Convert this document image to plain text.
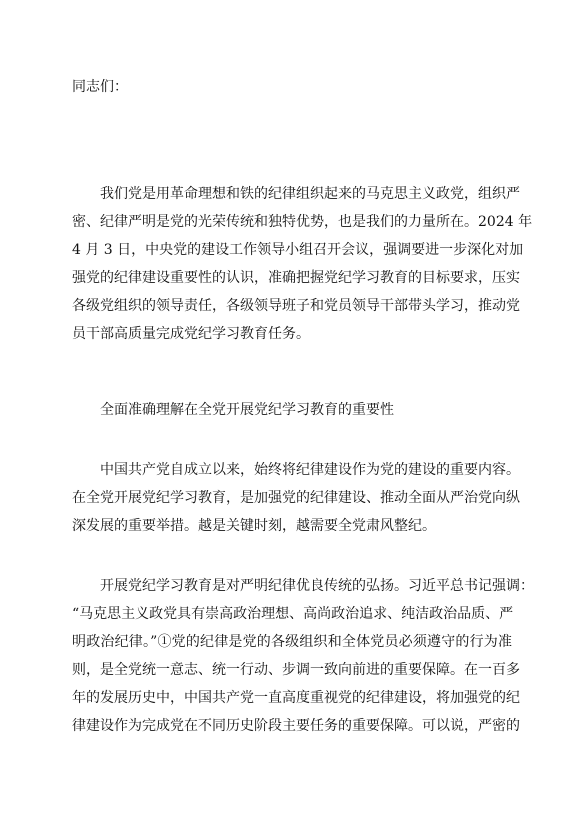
同志们：
我们党是用革命理想和铁的纪律组织起来的马克思主义政党，组织严
密、纪律严明是党的光荣传统和独特优势，也是我们的力量所在。2024 年
4 月 3 日，中央党的建设工作领导小组召开会议，强调要进一步深化对加
强党的纪律建设重要性的认识，准确把握党纪学习教育的目标要求，压实
各级党组织的领导责任，各级领导班子和党员领导干部带头学习，推动党
员干部高质量完成党纪学习教育任务。
全面准确理解在全党开展党纪学习教育的重要性
中国共产党自成立以来，始终将纪律建设作为党的建设的重要内容。
在全党开展党纪学习教育，是加强党的纪律建设、推动全面从严治党向纵
深发展的重要举措。越是关键时刻，越需要全党肃风整纪。
开展党纪学习教育是对严明纪律优良传统的弘扬。习近平总书记强调：
“马克思主义政党具有崇高政治理想、高尚政治追求、纯洁政治品质、严
明政治纪律。”①党的纪律是党的各级组织和全体党员必须遵守的行为准
则，是全党统一意志、统一行动、步调一致向前进的重要保障。在一百多
年的发展历史中，中国共产党一直高度重视党的纪律建设，将加强党的纪
律建设作为完成党在不同历史阶段主要任务的重要保障。可以说，严密的
